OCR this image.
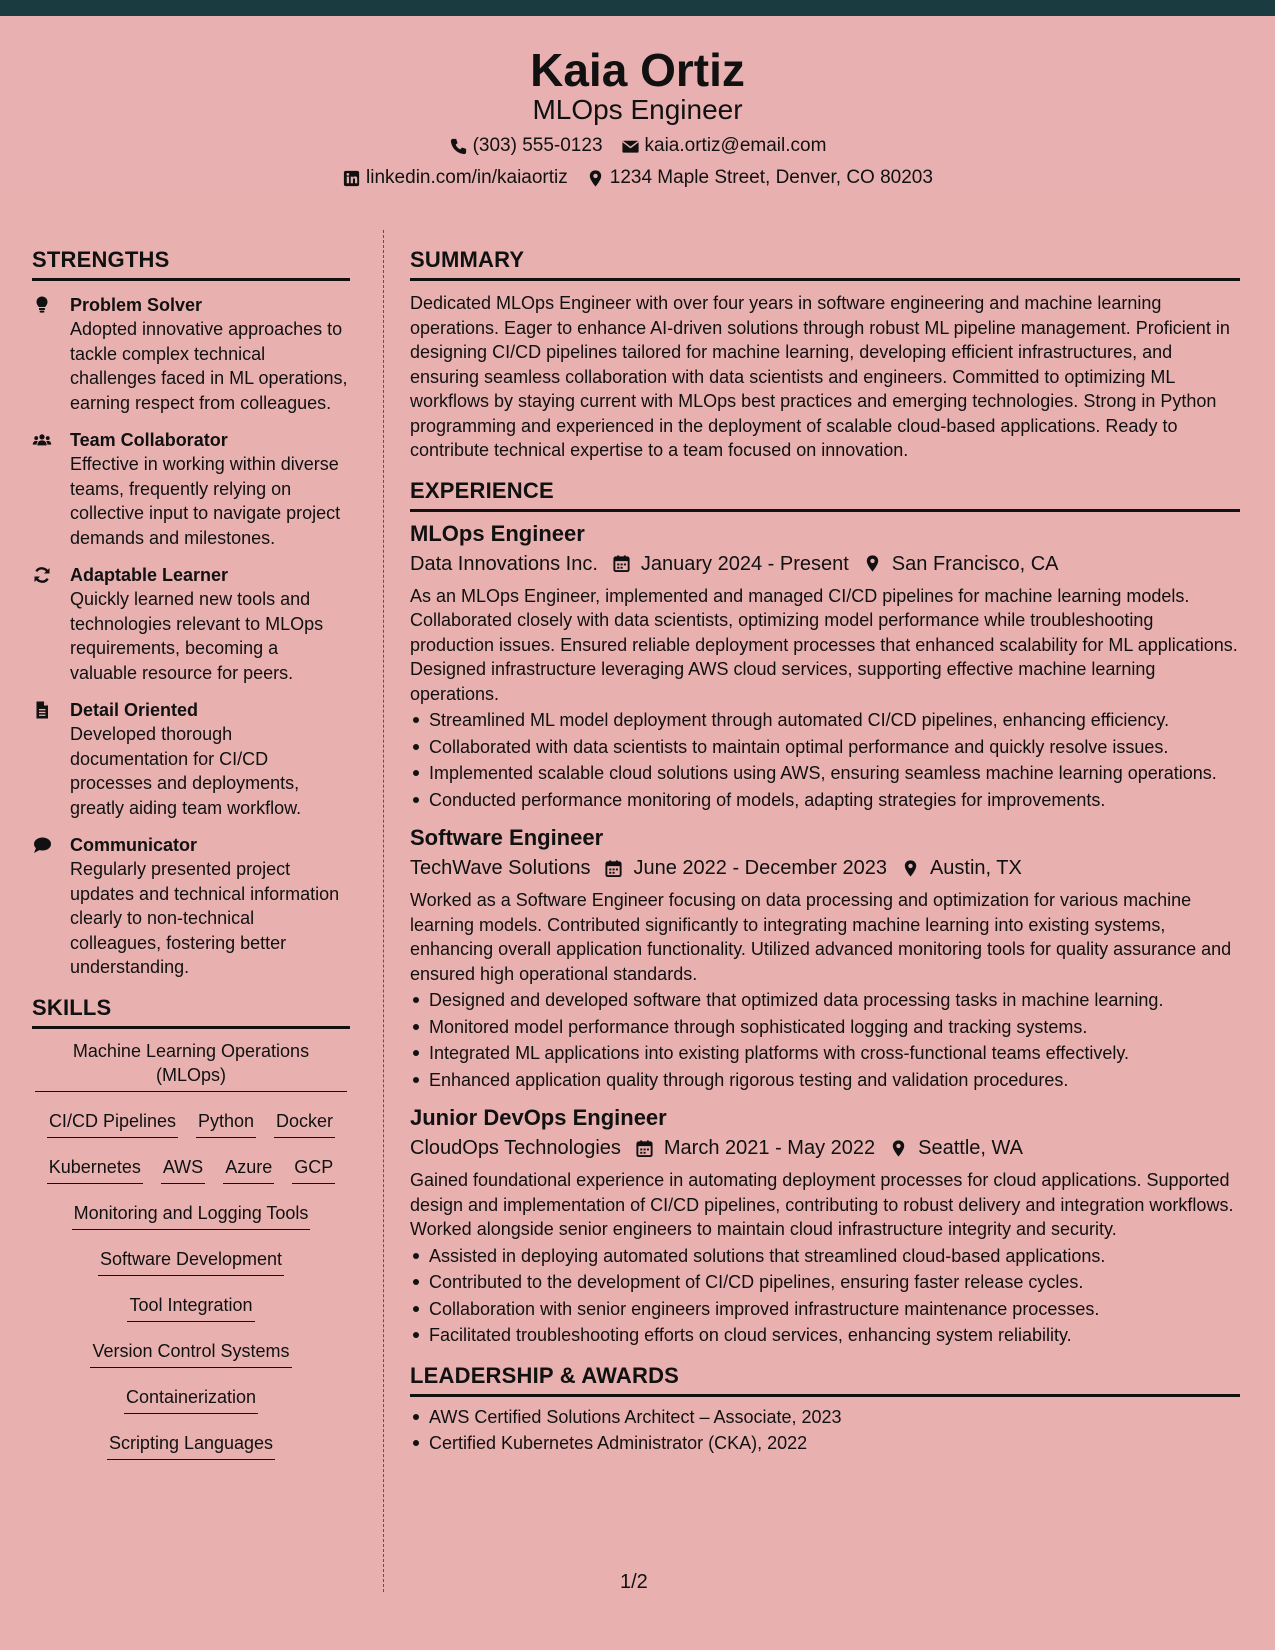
Kaia Ortiz
MLOps Engineer
(303) 555-0123 kaia.ortiz@email.com
linkedin.com/in/kaiaortiz 1234 Maple Street, Denver, CO 80203
STRENGTHS
Problem Solver
Adopted innovative approaches to tackle complex technical challenges faced in ML operations, earning respect from colleagues.
Team Collaborator
Effective in working within diverse teams, frequently relying on collective input to navigate project demands and milestones.
Adaptable Learner
Quickly learned new tools and technologies relevant to MLOps requirements, becoming a valuable resource for peers.
Detail Oriented
Developed thorough documentation for CI/CD processes and deployments, greatly aiding team workflow.
Communicator
Regularly presented project updates and technical information clearly to non-technical colleagues, fostering better understanding.
SKILLS
Machine Learning Operations (MLOps)
CI/CD Pipelines Python Docker
Kubernetes AWS Azure GCP
Monitoring and Logging Tools
Software Development
Tool Integration
Version Control Systems
Containerization
Scripting Languages
SUMMARY
Dedicated MLOps Engineer with over four years in software engineering and machine learning operations. Eager to enhance AI-driven solutions through robust ML pipeline management. Proficient in designing CI/CD pipelines tailored for machine learning, developing efficient infrastructures, and ensuring seamless collaboration with data scientists and engineers. Committed to optimizing ML workflows by staying current with MLOps best practices and emerging technologies. Strong in Python programming and experienced in the deployment of scalable cloud-based applications. Ready to contribute technical expertise to a team focused on innovation.
EXPERIENCE
MLOps Engineer
Data Innovations Inc. January 2024 - Present San Francisco, CA
As an MLOps Engineer, implemented and managed CI/CD pipelines for machine learning models. Collaborated closely with data scientists, optimizing model performance while troubleshooting production issues. Ensured reliable deployment processes that enhanced scalability for ML applications. Designed infrastructure leveraging AWS cloud services, supporting effective machine learning operations.
Streamlined ML model deployment through automated CI/CD pipelines, enhancing efficiency.
Collaborated with data scientists to maintain optimal performance and quickly resolve issues.
Implemented scalable cloud solutions using AWS, ensuring seamless machine learning operations.
Conducted performance monitoring of models, adapting strategies for improvements.
Software Engineer
TechWave Solutions June 2022 - December 2023 Austin, TX
Worked as a Software Engineer focusing on data processing and optimization for various machine learning models. Contributed significantly to integrating machine learning into existing systems, enhancing overall application functionality. Utilized advanced monitoring tools for quality assurance and ensured high operational standards.
Designed and developed software that optimized data processing tasks in machine learning.
Monitored model performance through sophisticated logging and tracking systems.
Integrated ML applications into existing platforms with cross-functional teams effectively.
Enhanced application quality through rigorous testing and validation procedures.
Junior DevOps Engineer
CloudOps Technologies March 2021 - May 2022 Seattle, WA
Gained foundational experience in automating deployment processes for cloud applications. Supported design and implementation of CI/CD pipelines, contributing to robust delivery and integration workflows. Worked alongside senior engineers to maintain cloud infrastructure integrity and security.
Assisted in deploying automated solutions that streamlined cloud-based applications.
Contributed to the development of CI/CD pipelines, ensuring faster release cycles.
Collaboration with senior engineers improved infrastructure maintenance processes.
Facilitated troubleshooting efforts on cloud services, enhancing system reliability.
LEADERSHIP & AWARDS
AWS Certified Solutions Architect – Associate, 2023
Certified Kubernetes Administrator (CKA), 2022
1/2
